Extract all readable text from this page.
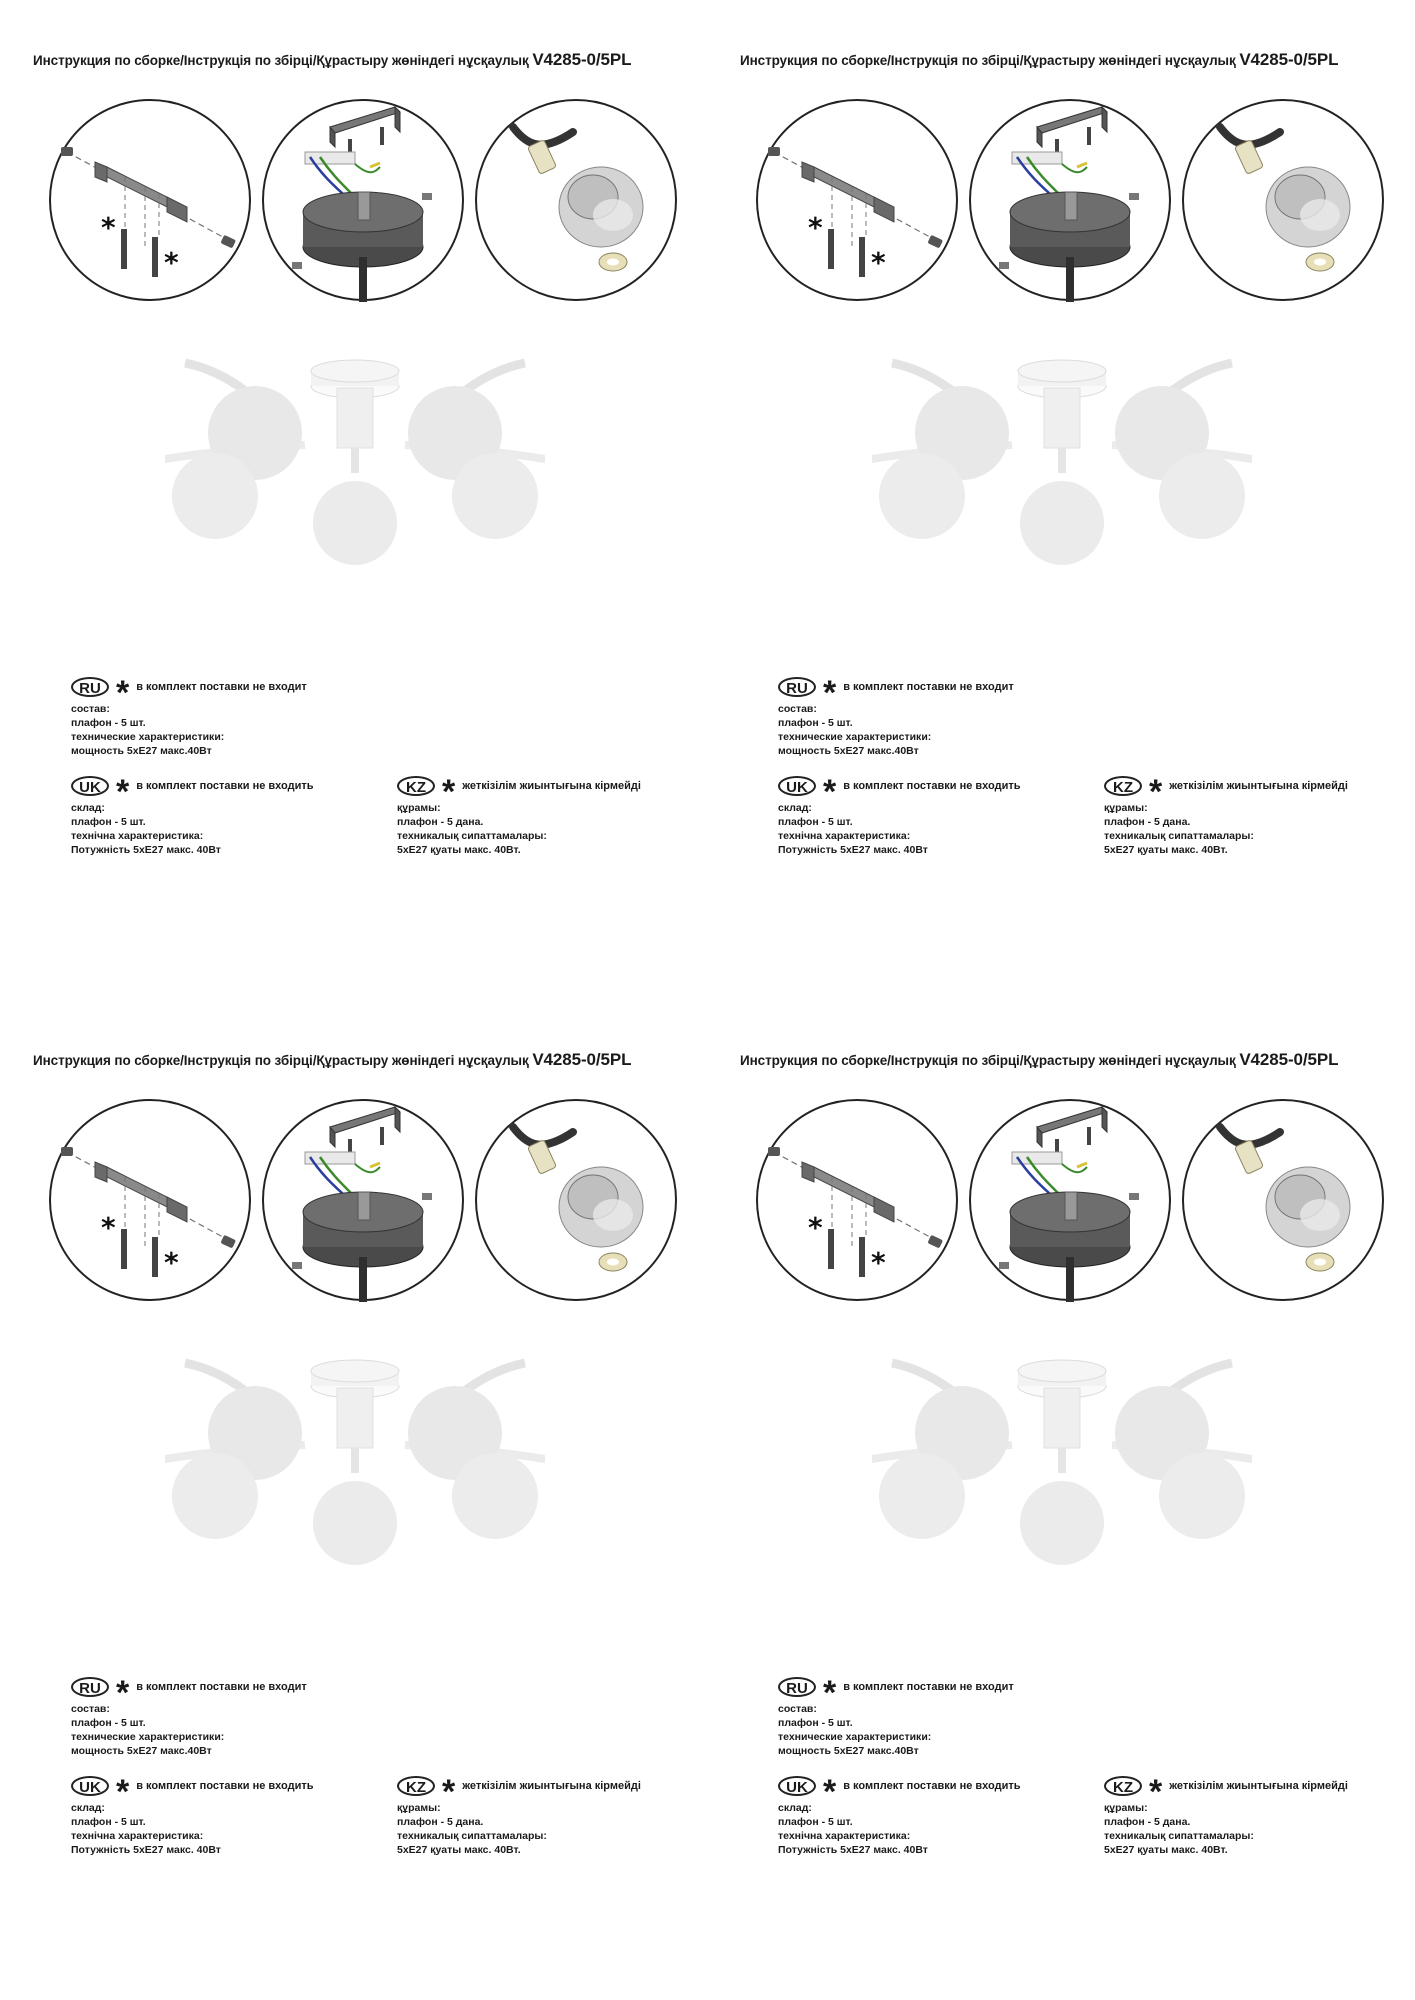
Инструкция по сборке/Інструкція по збірці/Құрастыру жөніндегі нұсқаулық V4285-0/5PL
*
*
RU * в комплект поставки не входит
состав:
плафон - 5 шт.
технические характеристики:
мощность 5хE27 макс.40Вт
UK * в комплект поставки не входить
склад:
плафон - 5 шт.
технічна характеристика:
Потужність 5хE27 макс. 40Вт
KZ * жеткізілім жиынтығына кірмейді
құрамы:
плафон - 5 дана.
техникалық сипаттамалары:
5хE27 қуаты макс. 40Вт.
Инструкция по сборке/Інструкція по збірці/Құрастыру жөніндегі нұсқаулық V4285-0/5PL
*
*
RU * в комплект поставки не входит
состав:
плафон - 5 шт.
технические характеристики:
мощность 5хE27 макс.40Вт
UK * в комплект поставки не входить
склад:
плафон - 5 шт.
технічна характеристика:
Потужність 5хE27 макс. 40Вт
KZ * жеткізілім жиынтығына кірмейді
құрамы:
плафон - 5 дана.
техникалық сипаттамалары:
5хE27 қуаты макс. 40Вт.
Инструкция по сборке/Інструкція по збірці/Құрастыру жөніндегі нұсқаулық V4285-0/5PL
*
*
RU * в комплект поставки не входит
состав:
плафон - 5 шт.
технические характеристики:
мощность 5хE27 макс.40Вт
UK * в комплект поставки не входить
склад:
плафон - 5 шт.
технічна характеристика:
Потужність 5хE27 макс. 40Вт
KZ * жеткізілім жиынтығына кірмейді
құрамы:
плафон - 5 дана.
техникалық сипаттамалары:
5хE27 қуаты макс. 40Вт.
Инструкция по сборке/Інструкція по збірці/Құрастыру жөніндегі нұсқаулық V4285-0/5PL
*
*
RU * в комплект поставки не входит
состав:
плафон - 5 шт.
технические характеристики:
мощность 5хE27 макс.40Вт
UK * в комплект поставки не входить
склад:
плафон - 5 шт.
технічна характеристика:
Потужність 5хE27 макс. 40Вт
KZ * жеткізілім жиынтығына кірмейді
құрамы:
плафон - 5 дана.
техникалық сипаттамалары:
5хE27 қуаты макс. 40Вт.
